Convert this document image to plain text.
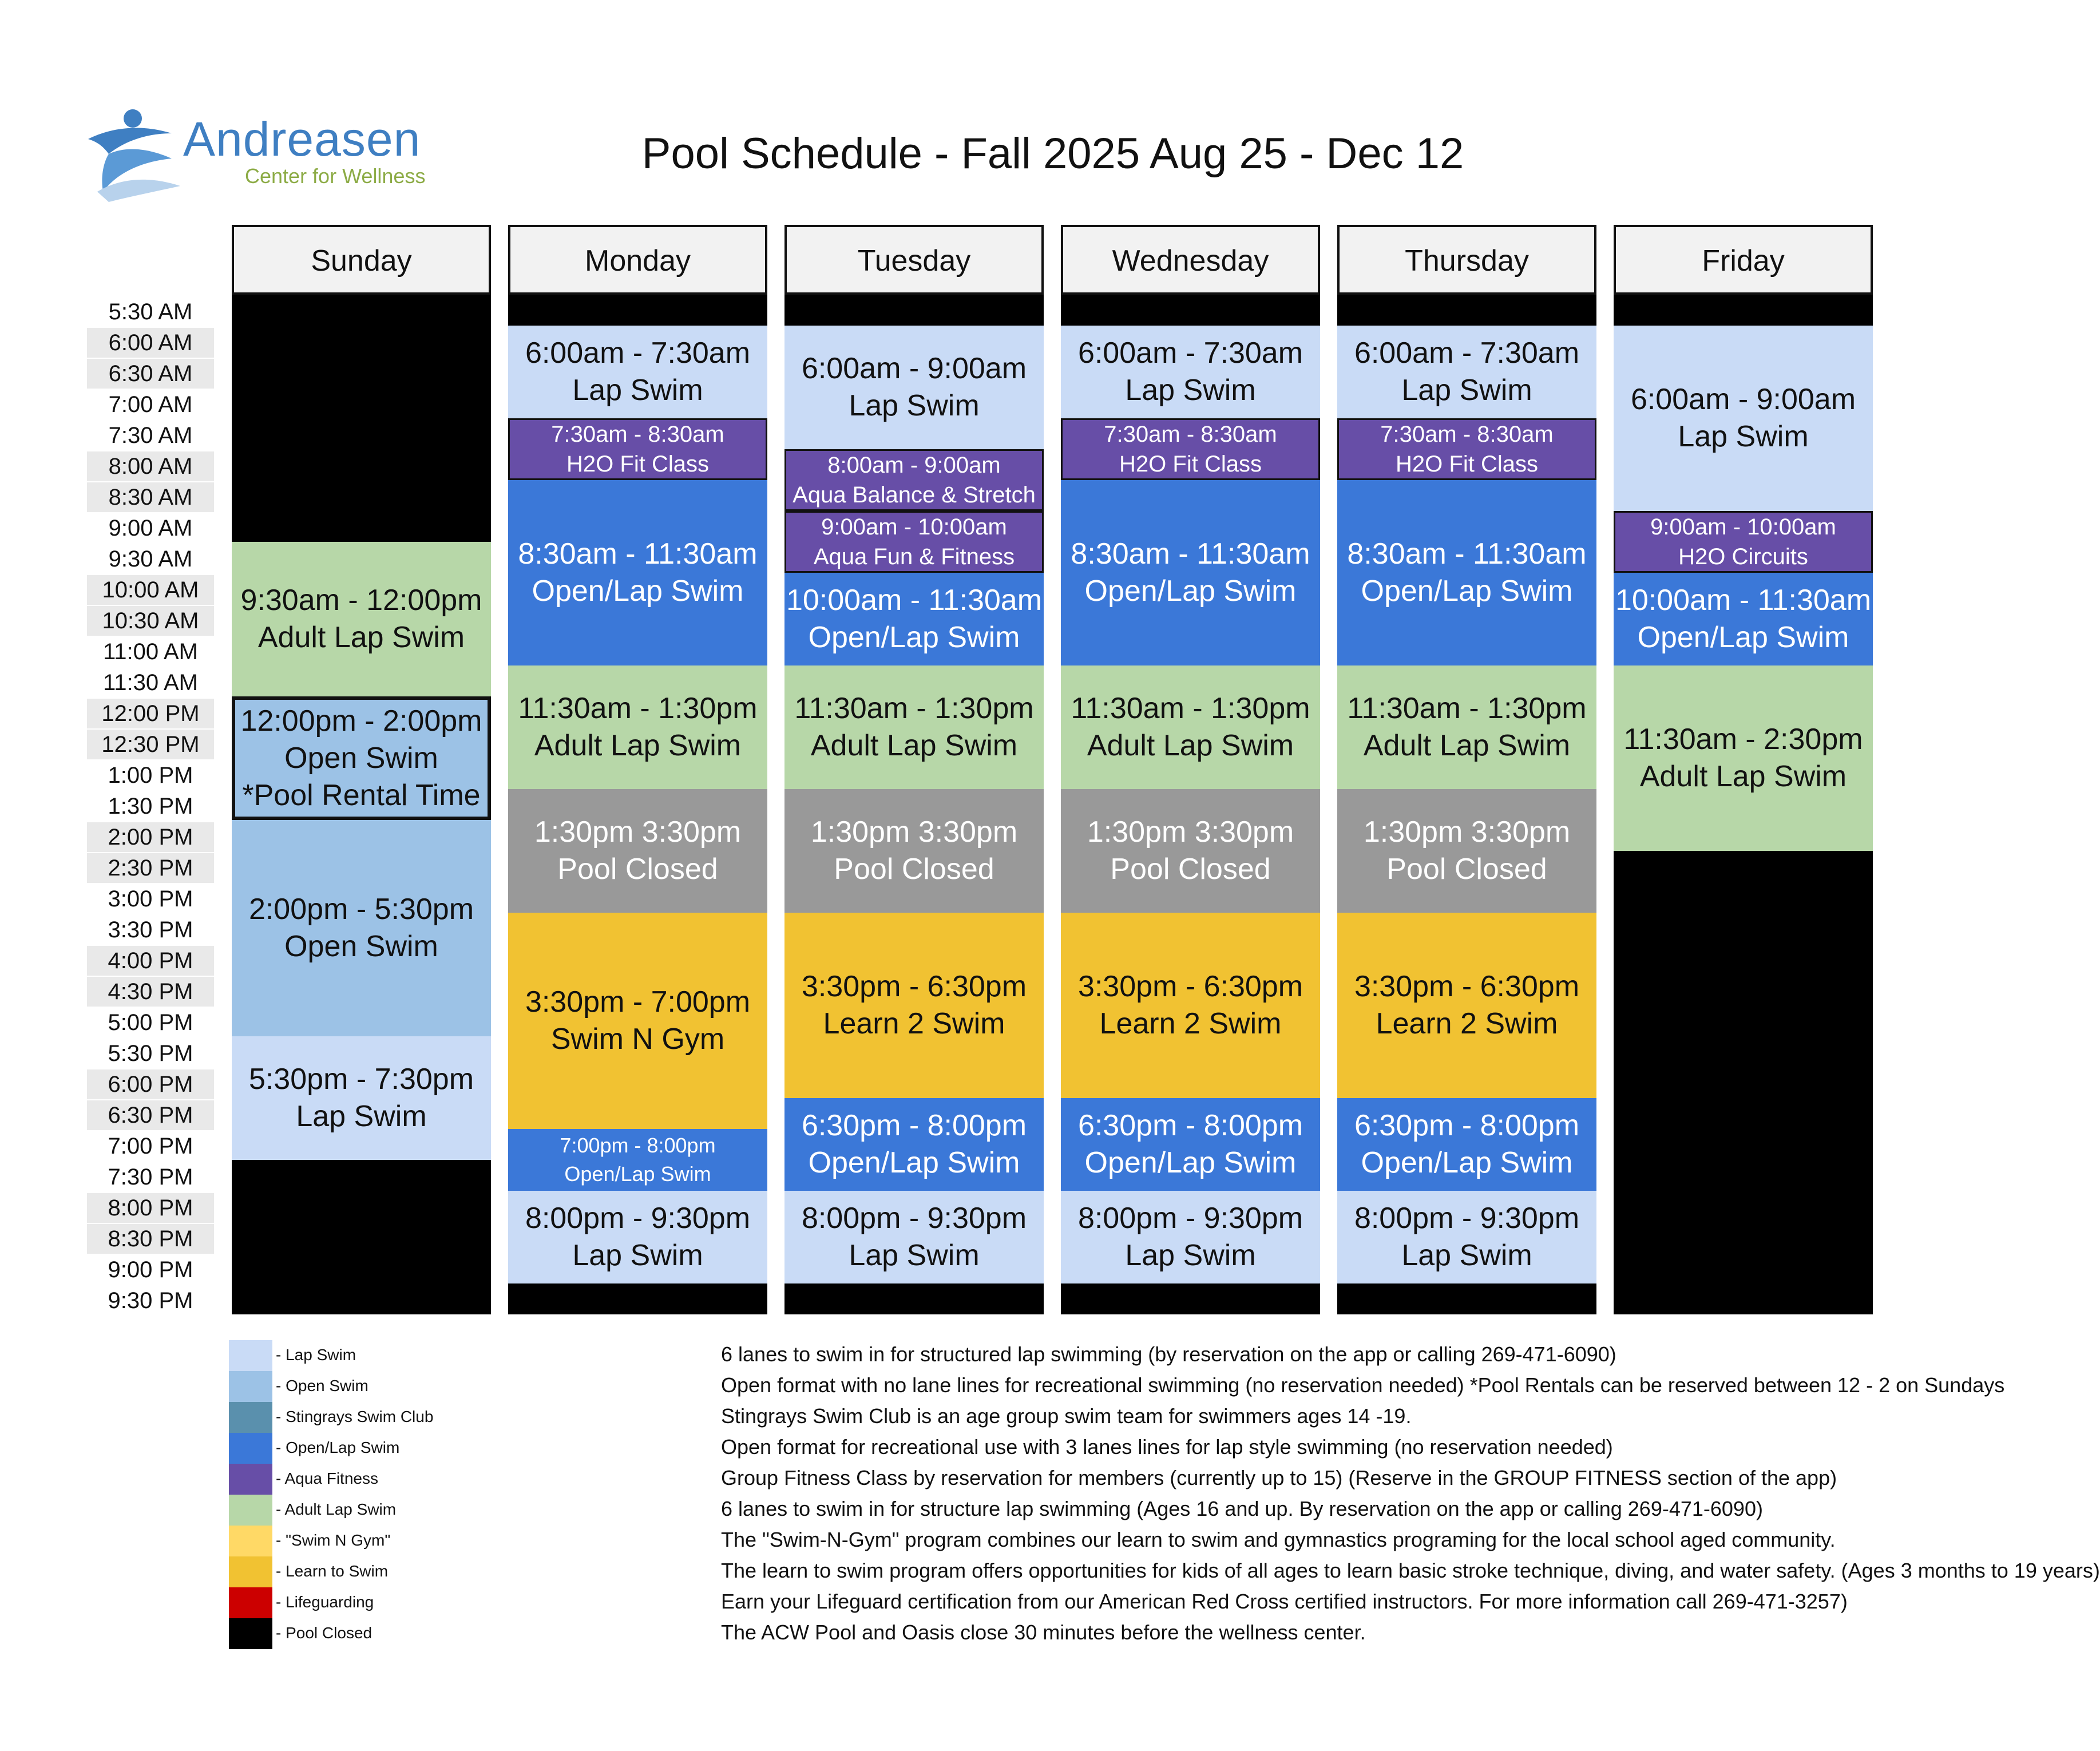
Andreasen
Center for Wellness	Pool Schedule - Fall 2025 Aug 25 - Dec 12
5:30 AM
6:00 AM
6:30 AM
7:00 AM
7:30 AM
8:00 AM
8:30 AM
9:00 AM
9:30 AM
10:00 AM
10:30 AM
11:00 AM
11:30 AM
12:00 PM
12:30 PM
1:00 PM
1:30 PM
2:00 PM
2:30 PM
3:00 PM
3:30 PM
4:00 PM
4:30 PM
5:00 PM
5:30 PM
6:00 PM
6:30 PM
7:00 PM
7:30 PM
8:00 PM
8:30 PM
9:00 PM
9:30 PM
Sunday
9:30am - 12:00pm
Adult Lap Swim
12:00pm - 2:00pm
Open Swim
*Pool Rental Time
2:00pm - 5:30pm
Open Swim
5:30pm - 7:30pm
Lap Swim
Monday
6:00am - 7:30am
Lap Swim
7:30am - 8:30am
H2O Fit Class
8:30am - 11:30am
Open/Lap Swim
11:30am - 1:30pm
Adult Lap Swim
1:30pm 3:30pm
Pool Closed
3:30pm - 7:00pm
Swim N Gym
7:00pm - 8:00pm
Open/Lap Swim
8:00pm - 9:30pm
Lap Swim
Tuesday
6:00am - 9:00am
Lap Swim
8:00am - 9:00am
Aqua Balance & Stretch
9:00am - 10:00am
Aqua Fun & Fitness
10:00am - 11:30am
Open/Lap Swim
11:30am - 1:30pm
Adult Lap Swim
1:30pm 3:30pm
Pool Closed
3:30pm - 6:30pm
Learn 2 Swim
6:30pm - 8:00pm
Open/Lap Swim
8:00pm - 9:30pm
Lap Swim
Wednesday
6:00am - 7:30am
Lap Swim
7:30am - 8:30am
H2O Fit Class
8:30am - 11:30am
Open/Lap Swim
11:30am - 1:30pm
Adult Lap Swim
1:30pm 3:30pm
Pool Closed
3:30pm - 6:30pm
Learn 2 Swim
6:30pm - 8:00pm
Open/Lap Swim
8:00pm - 9:30pm
Lap Swim
Thursday
6:00am - 7:30am
Lap Swim
7:30am - 8:30am
H2O Fit Class
8:30am - 11:30am
Open/Lap Swim
11:30am - 1:30pm
Adult Lap Swim
1:30pm 3:30pm
Pool Closed
3:30pm - 6:30pm
Learn 2 Swim
6:30pm - 8:00pm
Open/Lap Swim
8:00pm - 9:30pm
Lap Swim
Friday
6:00am - 9:00am
Lap Swim
9:00am - 10:00am
H2O Circuits
10:00am - 11:30am
Open/Lap Swim
11:30am - 2:30pm
Adult Lap Swim
- Lap Swim	6 lanes to swim in for structured lap swimming (by reservation on the app or calling 269-471-6090)
- Open Swim	Open format with no lane lines for recreational swimming (no reservation needed) *Pool Rentals can be reserved between 12 - 2 on Sundays
- Stingrays Swim Club	Stingrays Swim Club is an age group swim team for swimmers ages 14 -19.
- Open/Lap Swim	Open format for recreational use with 3 lanes lines for lap style swimming (no reservation needed)
- Aqua Fitness	Group Fitness Class by reservation for members (currently up to 15) (Reserve in the GROUP FITNESS section of the app)
- Adult Lap Swim	6 lanes to swim in for structure lap swimming (Ages 16 and up. By reservation on the app or calling 269-471-6090)
- "Swim N Gym"	The "Swim-N-Gym" program combines our learn to swim and gymnastics programing for the local school aged community.
- Learn to Swim	The learn to swim program offers opportunities for kids of all ages to learn basic stroke technique, diving, and water safety. (Ages 3 months to 19 years)
- Lifeguarding	Earn your Lifeguard certification from our American Red Cross certified instructors. For more information call 269-471-3257)
- Pool Closed	The ACW Pool and Oasis close 30 minutes before the wellness center.
